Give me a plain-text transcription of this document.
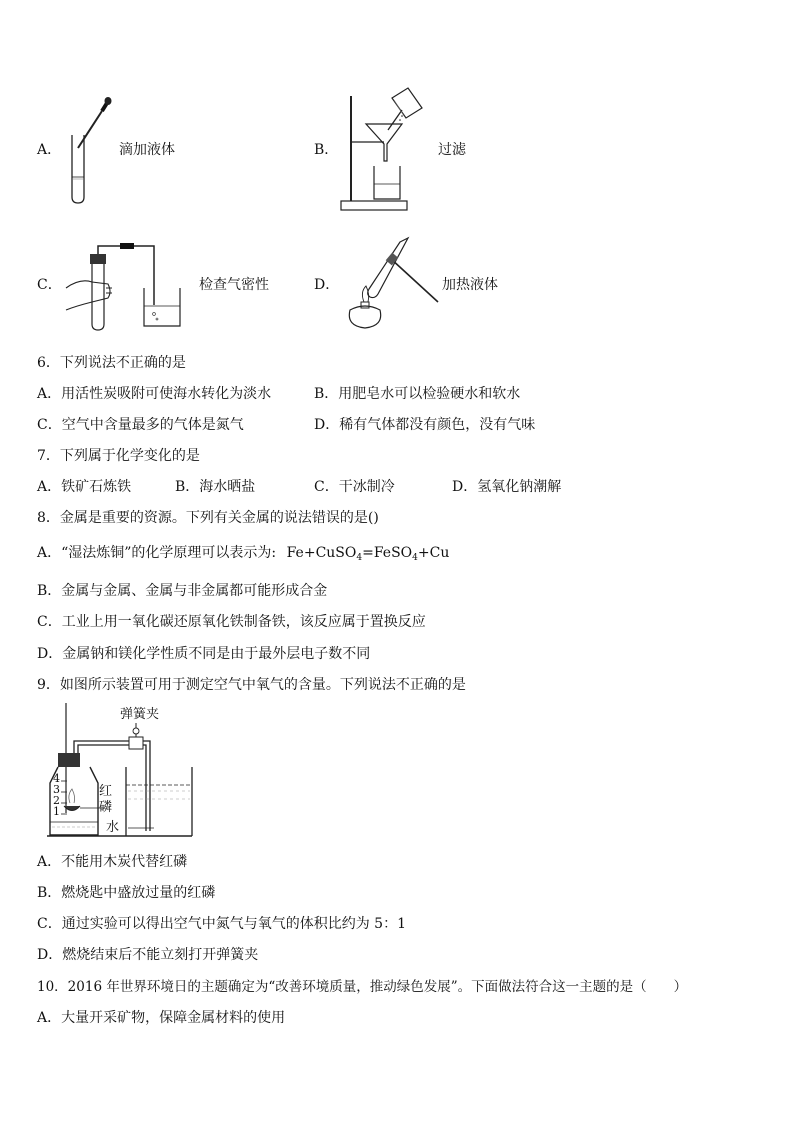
A．	滴加液体	B．	过滤
C．	检查气密性	D．	加热液体
6．下列说法不正确的是
A．用活性炭吸附可使海水转化为淡水	B．用肥皂水可以检验硬水和软水
C．空气中含量最多的气体是氮气	D．稀有气体都没有颜色，没有气味
7．下列属于化学变化的是
A．铁矿石炼铁	B．海水晒盐	C．干冰制冷	D．氢氧化钠潮解
8．金属是重要的资源。下列有关金属的说法错误的是()
A．“湿法炼铜”的化学原理可以表示为: Fe+CuSO$_4$=FeSO$_4$+Cu
B．金属与金属、金属与非金属都可能形成合金
C．工业上用一氧化碳还原氧化铁制备铁，该反应属于置换反应
D．金属钠和镁化学性质不同是由于最外层电子数不同
9．如图所示装置可用于测定空气中氧气的含量。下列说法不正确的是
弹簧夹
红
磷
水
4
3
2
1
A．不能用木炭代替红磷
B．燃烧匙中盛放过量的红磷
C．通过实验可以得出空气中氮气与氧气的体积比约为 5：1
D．燃烧结束后不能立刻打开弹簧夹
10．2016 年世界环境日的主题确定为“改善环境质量，推动绿色发展”。下面做法符合这一主题的是（　　）
A．大量开采矿物，保障金属材料的使用
